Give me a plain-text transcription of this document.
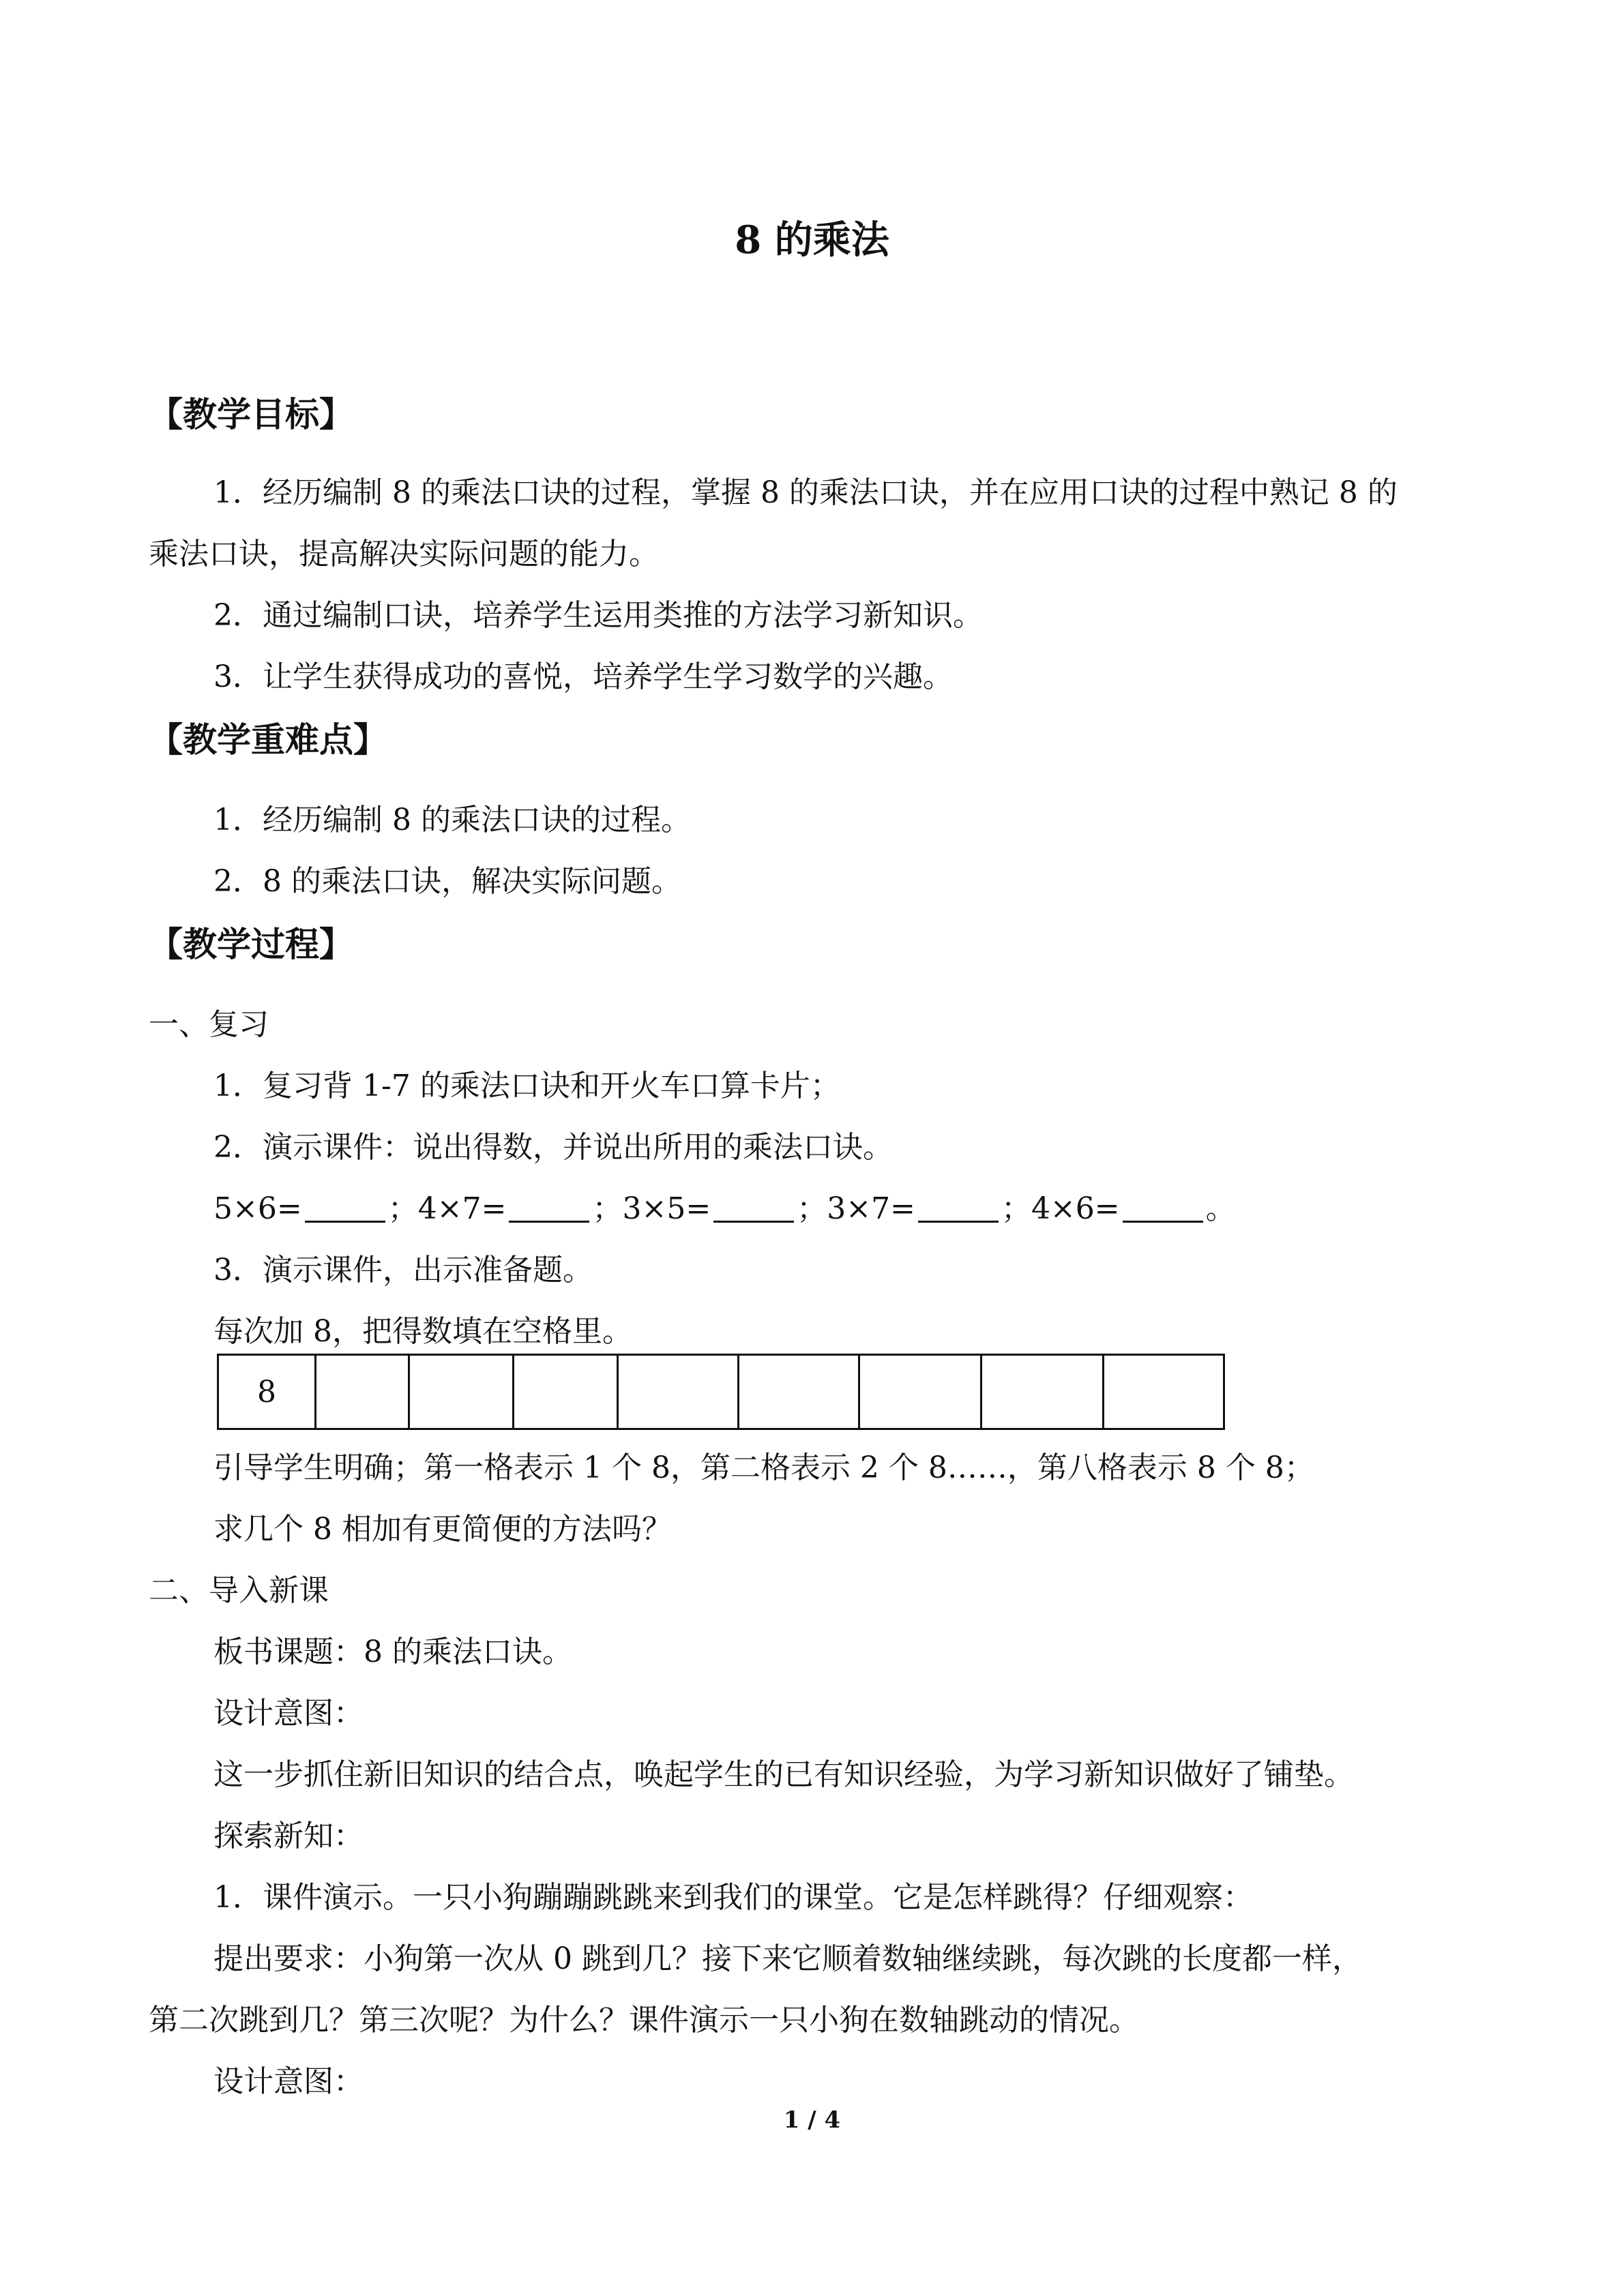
8 的乘法
【教学目标】
1．经历编制 8 的乘法口诀的过程，掌握 8 的乘法口诀，并在应用口诀的过程中熟记 8 的
乘法口诀，提高解决实际问题的能力。
2．通过编制口诀，培养学生运用类推的方法学习新知识。
3．让学生获得成功的喜悦，培养学生学习数学的兴趣。
【教学重难点】
1．经历编制 8 的乘法口诀的过程。
2．8 的乘法口诀，解决实际问题。
【教学过程】
一、复习
1．复习背 1-7 的乘法口诀和开火车口算卡片；
2．演示课件：说出得数，并说出所用的乘法口诀。
5×6=	；4×7=	；3×5=	；3×7=	；4×6=	。
3．演示课件，出示准备题。
每次加 8，把得数填在空格里。
8								
引导学生明确；第一格表示 1 个 8，第二格表示 2 个 8……，第八格表示 8 个 8；
求几个 8 相加有更简便的方法吗？
二、导入新课
板书课题：8 的乘法口诀。
设计意图：
这一步抓住新旧知识的结合点，唤起学生的已有知识经验，为学习新知识做好了铺垫。
探索新知：
1．课件演示。一只小狗蹦蹦跳跳来到我们的课堂。它是怎样跳得？仔细观察：
提出要求：小狗第一次从 0 跳到几？接下来它顺着数轴继续跳，每次跳的长度都一样，
第二次跳到几？第三次呢？为什么？课件演示一只小狗在数轴跳动的情况。
设计意图：
1 / 4
